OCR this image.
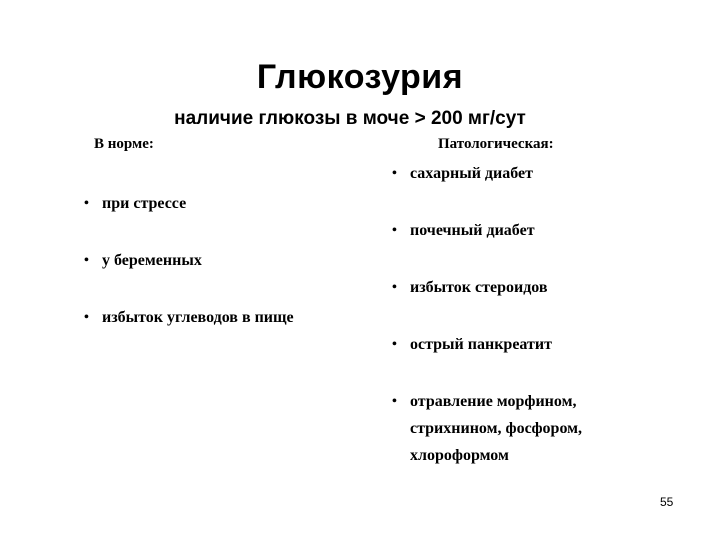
Глюкозурия
наличие глюкозы в моче > 200 мг/сут
В норме:	Патологическая:
• при стрессе
• у беременных
• избыток углеводов в пище
• сахарный диабет
• почечный диабет
• избыток стероидов
• острый панкреатит
• отравление морфином, стрихнином, фосфором, хлороформом
55
